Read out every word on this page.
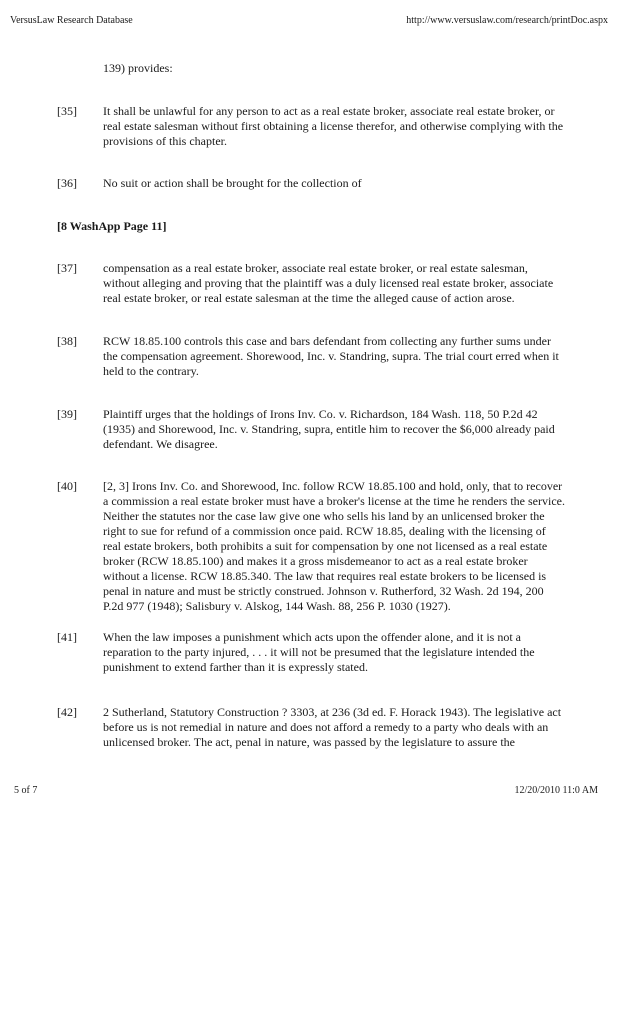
VersusLaw Research Database	http://www.versuslaw.com/research/printDoc.aspx
139) provides:
[35] It shall be unlawful for any person to act as a real estate broker, associate real estate broker, or real estate salesman without first obtaining a license therefor, and otherwise complying with the provisions of this chapter.
[36] No suit or action shall be brought for the collection of
[8 WashApp Page 11]
[37] compensation as a real estate broker, associate real estate broker, or real estate salesman, without alleging and proving that the plaintiff was a duly licensed real estate broker, associate real estate broker, or real estate salesman at the time the alleged cause of action arose.
[38] RCW 18.85.100 controls this case and bars defendant from collecting any further sums under the compensation agreement. Shorewood, Inc. v. Standring, supra. The trial court erred when it held to the contrary.
[39] Plaintiff urges that the holdings of Irons Inv. Co. v. Richardson, 184 Wash. 118, 50 P.2d 42 (1935) and Shorewood, Inc. v. Standring, supra, entitle him to recover the $6,000 already paid defendant. We disagree.
[40] [2, 3] Irons Inv. Co. and Shorewood, Inc. follow RCW 18.85.100 and hold, only, that to recover a commission a real estate broker must have a broker's license at the time he renders the service. Neither the statutes nor the case law give one who sells his land by an unlicensed broker the right to sue for refund of a commission once paid. RCW 18.85, dealing with the licensing of real estate brokers, both prohibits a suit for compensation by one not licensed as a real estate broker (RCW 18.85.100) and makes it a gross misdemeanor to act as a real estate broker without a license. RCW 18.85.340. The law that requires real estate brokers to be licensed is penal in nature and must be strictly construed. Johnson v. Rutherford, 32 Wash. 2d 194, 200 P.2d 977 (1948); Salisbury v. Alskog, 144 Wash. 88, 256 P. 1030 (1927).
[41] When the law imposes a punishment which acts upon the offender alone, and it is not a reparation to the party injured, . . . it will not be presumed that the legislature intended the punishment to extend farther than it is expressly stated.
[42] 2 Sutherland, Statutory Construction ? 3303, at 236 (3d ed. F. Horack 1943). The legislative act before us is not remedial in nature and does not afford a remedy to a party who deals with an unlicensed broker. The act, penal in nature, was passed by the legislature to assure the
5 of 7	12/20/2010 11:0 AM
